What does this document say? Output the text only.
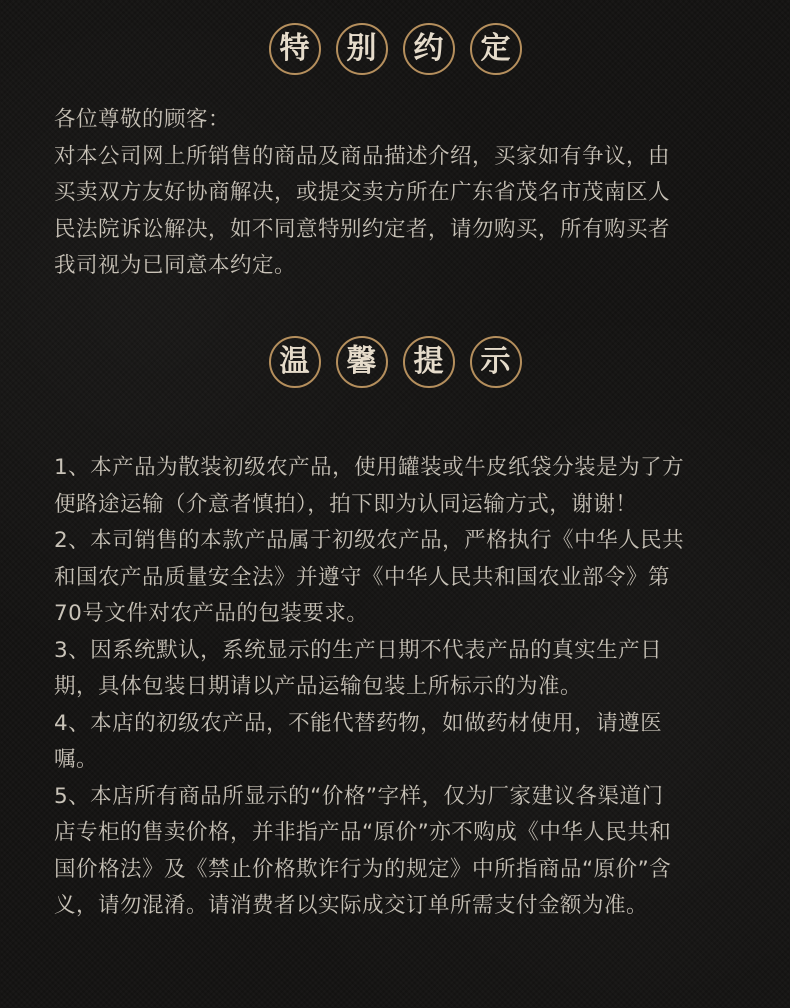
特	别	约	定
各位尊敬的顾客：
对本公司网上所销售的商品及商品描述介绍，买家如有争议，由
买卖双方友好协商解决，或提交卖方所在广东省茂名市茂南区人
民法院诉讼解决，如不同意特别约定者，请勿购买，所有购买者
我司视为已同意本约定。
温	馨	提	示
1、本产品为散装初级农产品，使用罐装或牛皮纸袋分装是为了方
便路途运输（介意者慎拍），拍下即为认同运输方式，谢谢！
2、本司销售的本款产品属于初级农产品，严格执行《中华人民共
和国农产品质量安全法》并遵守《中华人民共和国农业部令》第
70号文件对农产品的包装要求。
3、因系统默认，系统显示的生产日期不代表产品的真实生产日
期，具体包装日期请以产品运输包装上所标示的为准。
4、本店的初级农产品，不能代替药物，如做药材使用，请遵医
嘱。
5、本店所有商品所显示的“价格”字样，仅为厂家建议各渠道门
店专柜的售卖价格，并非指产品“原价”亦不购成《中华人民共和
国价格法》及《禁止价格欺诈行为的规定》中所指商品“原价”含
义，请勿混淆。请消费者以实际成交订单所需支付金额为准。
